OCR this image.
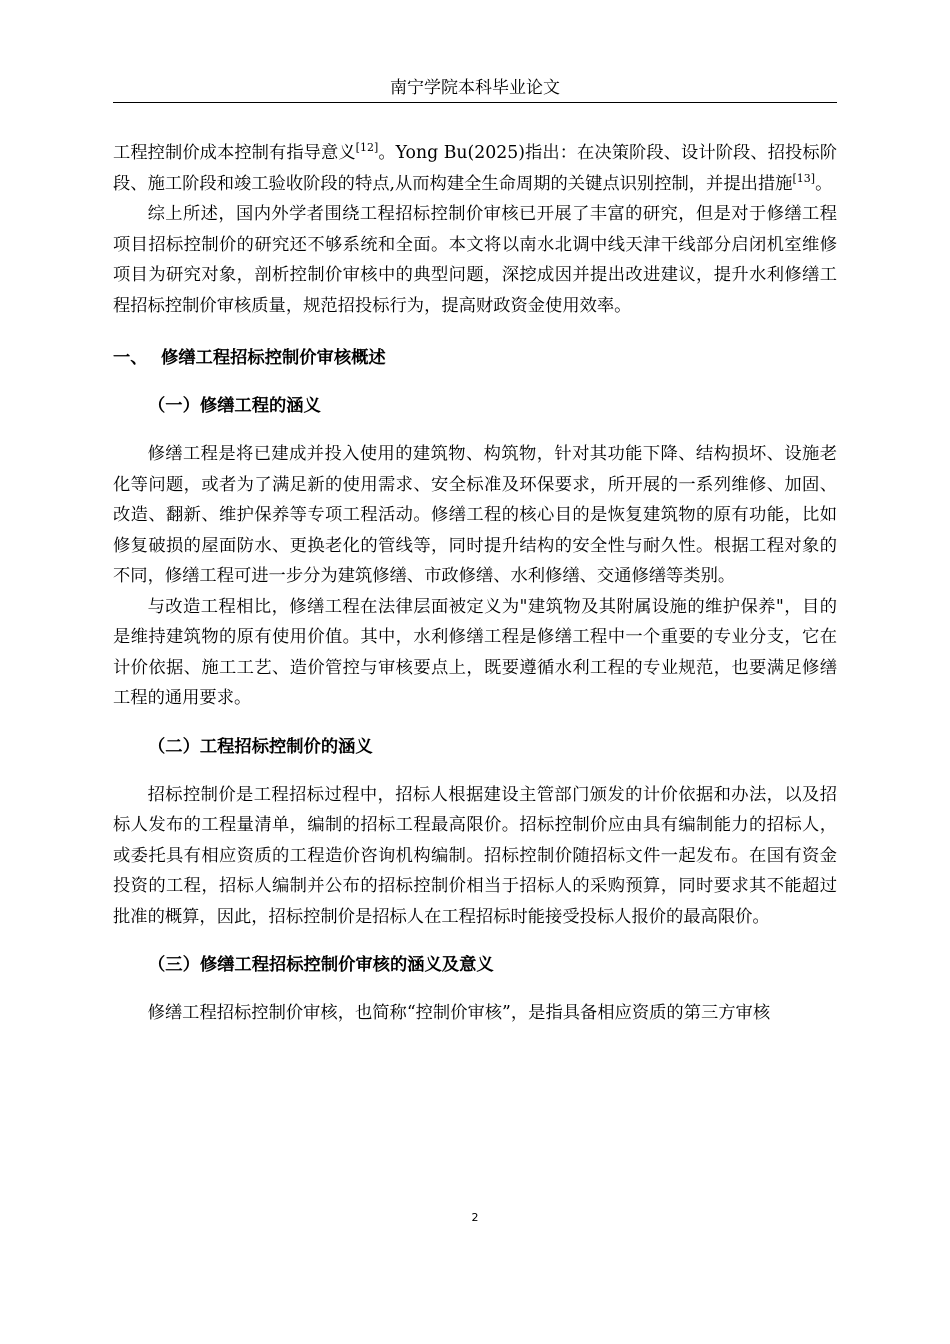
南宁学院本科毕业论文

工程控制价成本控制有指导意义[12]。Yong Bu(2025)指出：在决策阶段、设计阶段、招投标阶段、施工阶段和竣工验收阶段的特点,从而构建全生命周期的关键点识别控制，并提出措施[13]。

综上所述，国内外学者围绕工程招标控制价审核已开展了丰富的研究，但是对于修缮工程项目招标控制价的研究还不够系统和全面。本文将以南水北调中线天津干线部分启闭机室维修项目为研究对象，剖析控制价审核中的典型问题，深挖成因并提出改进建议，提升水利修缮工程招标控制价审核质量，规范招投标行为，提高财政资金使用效率。

一、 修缮工程招标控制价审核概述
（一）修缮工程的涵义

修缮工程是将已建成并投入使用的建筑物、构筑物，针对其功能下降、结构损坏、设施老化等问题，或者为了满足新的使用需求、安全标准及环保要求，所开展的一系列维修、加固、改造、翻新、维护保养等专项工程活动。修缮工程的核心目的是恢复建筑物的原有功能，比如修复破损的屋面防水、更换老化的管线等，同时提升结构的安全性与耐久性。根据工程对象的不同，修缮工程可进一步分为建筑修缮、市政修缮、水利修缮、交通修缮等类别。

与改造工程相比，修缮工程在法律层面被定义为"建筑物及其附属设施的维护保养"，目的是维持建筑物的原有使用价值。其中，水利修缮工程是修缮工程中一个重要的专业分支，它在计价依据、施工工艺、造价管控与审核要点上，既要遵循水利工程的专业规范，也要满足修缮工程的通用要求。

（二）工程招标控制价的涵义

招标控制价是工程招标过程中，招标人根据建设主管部门颁发的计价依据和办法，以及招标人发布的工程量清单，编制的招标工程最高限价。招标控制价应由具有编制能力的招标人，或委托具有相应资质的工程造价咨询机构编制。招标控制价随招标文件一起发布。在国有资金投资的工程，招标人编制并公布的招标控制价相当于招标人的采购预算，同时要求其不能超过批准的概算，因此，招标控制价是招标人在工程招标时能接受投标人报价的最高限价。

（三）修缮工程招标控制价审核的涵义及意义

修缮工程招标控制价审核，也简称“控制价审核”，是指具备相应资质的第三方审核

2
